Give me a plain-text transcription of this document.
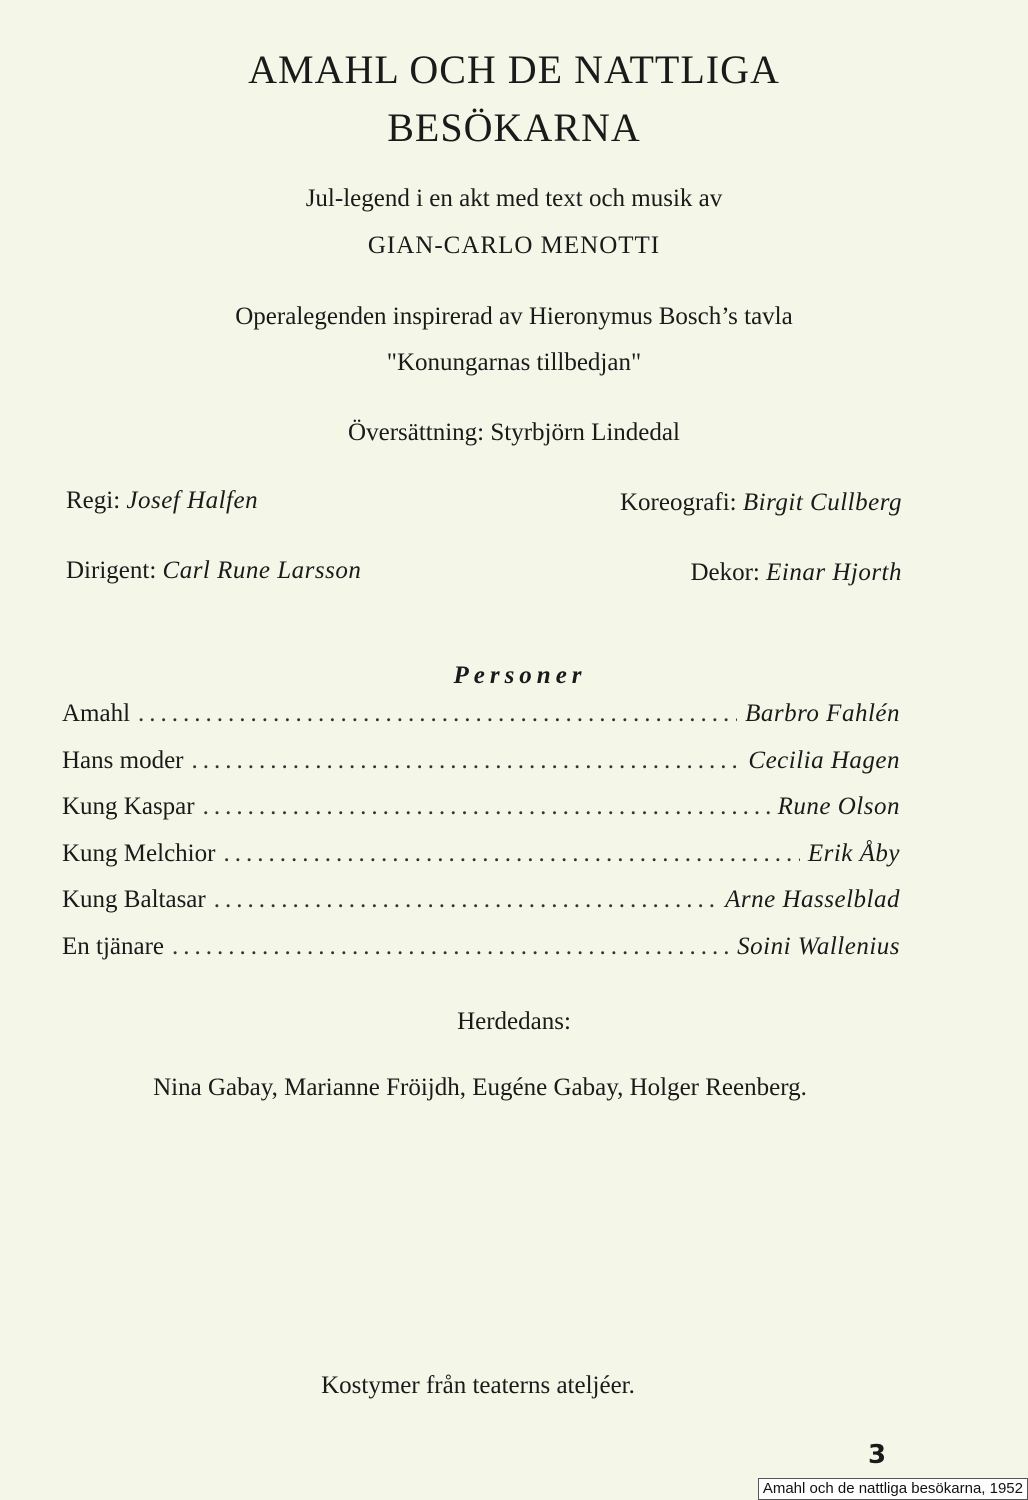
AMAHL OCH DE NATTLIGA
BESÖKARNA
Jul-legend i en akt med text och musik av
GIAN-CARLO MENOTTI
Operalegenden inspirerad av Hieronymus Bosch’s tavla
"Konungarnas tillbedjan"
Översättning: Styrbjörn Lindedal
Regi: Josef Halfen	Koreografi: Birgit Cullberg
Dirigent: Carl Rune Larsson	Dekor: Einar Hjorth
Personer
Amahl .....	Barbro Fahlén
Hans moder .....	Cecilia Hagen
Kung Kaspar .....	Rune Olson
Kung Melchior .....	Erik Åby
Kung Baltasar .....	Arne Hasselblad
En tjänare .....	Soini Wallenius
Herdedans:
Nina Gabay, Marianne Fröijdh, Eugéne Gabay, Holger Reenberg.
Kostymer från teaterns ateljéer.
3
Amahl och de nattliga besökarna, 1952
